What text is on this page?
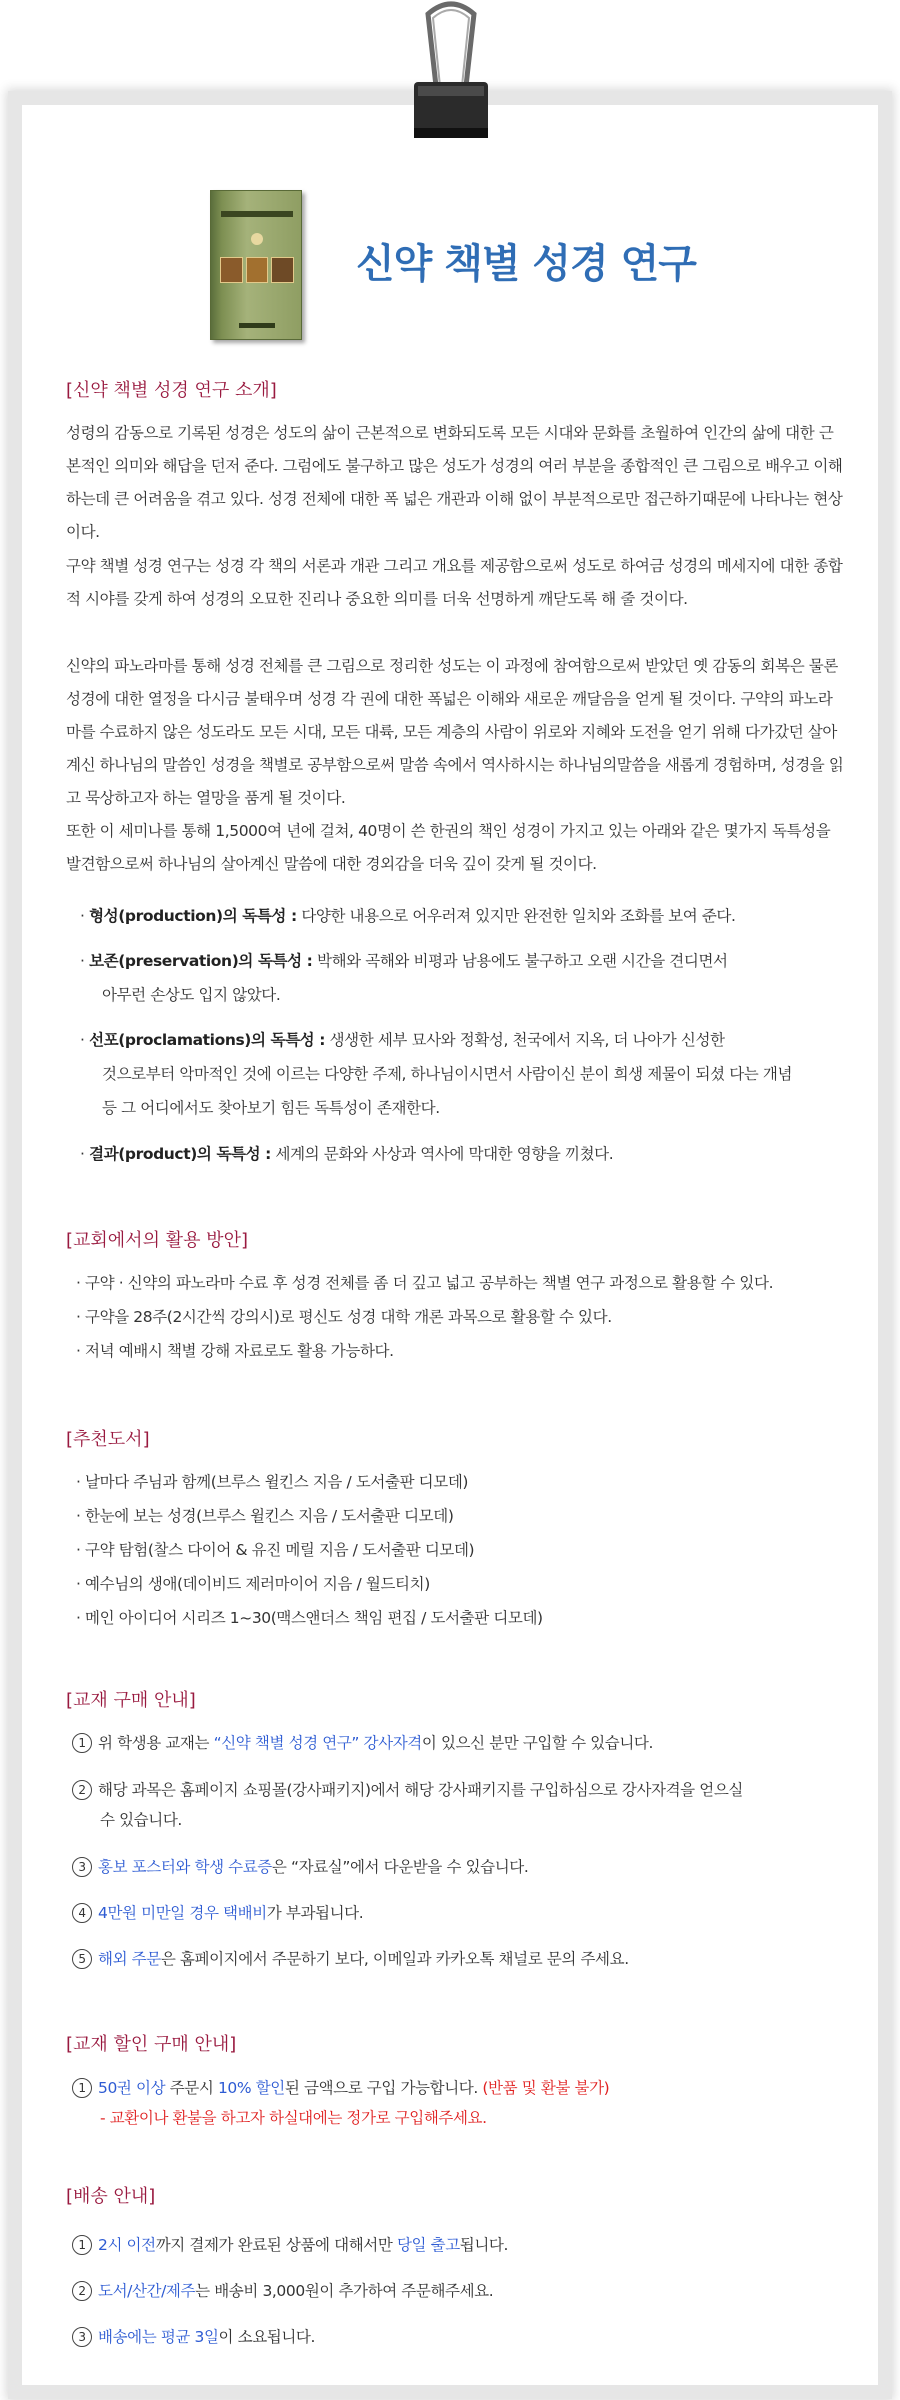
신약 책별 성경 연구
[신약 책별 성경 연구 소개]
성령의 감동으로 기록된 성경은 성도의 삶이 근본적으로 변화되도록 모든 시대와 문화를 초월하여 인간의 삶에 대한 근본적인 의미와 해답을 던저 준다. 그럼에도 불구하고 많은 성도가 성경의 여러 부분을 종합적인 큰 그림으로 배우고 이해하는데 큰 어려움을 겪고 있다. 성경 전체에 대한 폭 넓은 개관과 이해 없이 부분적으로만 접근하기때문에 나타나는 현상이다.
구약 책별 성경 연구는 성경 각 책의 서론과 개관 그리고 개요를 제공함으로써 성도로 하여금 성경의 메세지에 대한 종합적 시야를 갖게 하여 성경의 오묘한 진리나 중요한 의미를 더욱 선명하게 깨닫도록 해 줄 것이다.
신약의 파노라마를 통해 성경 전체를 큰 그림으로 정리한 성도는 이 과정에 참여함으로써 받았던 옛 감동의 회복은 물론 성경에 대한 열정을 다시금 불태우며 성경 각 권에 대한 폭넓은 이해와 새로운 깨달음을 얻게 될 것이다. 구약의 파노라마를 수료하지 않은 성도라도 모든 시대, 모든 대륙, 모든 계층의 사람이 위로와 지혜와 도전을 얻기 위해 다가갔던 살아계신 하나님의 말씀인 성경을 책별로 공부함으로써 말씀 속에서 역사하시는 하나님의말씀을 새롭게 경험하며, 성경을 읽고 묵상하고자 하는 열망을 품게 될 것이다.
또한 이 세미나를 통해 1,5000여 년에 걸쳐, 40명이 쓴 한권의 책인 성경이 가지고 있는 아래와 같은 몇가지 독특성을 발견함으로써 하나님의 살아계신 말씀에 대한 경외감을 더욱 깊이 갖게 될 것이다.
· 형성(production)의 독특성 : 다양한 내용으로 어우러져 있지만 완전한 일치와 조화를 보여 준다.
· 보존(preservation)의 독특성 : 박해와 곡해와 비평과 남용에도 불구하고 오랜 시간을 견디면서
아무런 손상도 입지 않았다.
· 선포(proclamations)의 독특성 : 생생한 세부 묘사와 정확성, 천국에서 지옥, 더 나아가 신성한
것으로부터 악마적인 것에 이르는 다양한 주제, 하나님이시면서 사람이신 분이 희생 제물이 되셨 다는 개념 등 그 어디에서도 찾아보기 힘든 독특성이 존재한다.
· 결과(product)의 독특성 : 세계의 문화와 사상과 역사에 막대한 영향을 끼쳤다.
[교회에서의 활용 방안]
· 구약 · 신약의 파노라마 수료 후 성경 전체를 좀 더 깊고 넓고 공부하는 책별 연구 과정으로 활용할 수 있다.
· 구약을 28주(2시간씩 강의시)로 평신도 성경 대학 개론 과목으로 활용할 수 있다.
· 저녁 예배시 책별 강해 자료로도 활용 가능하다.
[추천도서]
· 날마다 주님과 함께(브루스 윌킨스 지음 / 도서출판 디모데)
· 한눈에 보는 성경(브루스 윌킨스 지음 / 도서출판 디모데)
· 구약 탐험(찰스 다이어 & 유진 메릴 지음 / 도서출판 디모데)
· 예수님의 생애(데이비드 제러마이어 지음 / 월드티치)
· 메인 아이디어 시리즈 1~30(맥스앤더스 책임 편집 / 도서출판 디모데)
[교재 구매 안내]
1 위 학생용 교재는 “신약 책별 성경 연구” 강사자격이 있으신 분만 구입할 수 있습니다.
2 해당 과목은 홈페이지 쇼핑몰(강사패키지)에서 해당 강사패키지를 구입하심으로 강사자격을 얻으실
수 있습니다.
3 홍보 포스터와 학생 수료증은 “자료실”에서 다운받을 수 있습니다.
4 4만원 미만일 경우 택배비가 부과됩니다.
5 해외 주문은 홈페이지에서 주문하기 보다, 이메일과 카카오톡 채널로 문의 주세요.
[교재 할인 구매 안내]
1 50권 이상 주문시 10% 할인된 금액으로 구입 가능합니다. (반품 및 환불 불가)
- 교환이나 환불을 하고자 하실대에는 정가로 구입해주세요.
[배송 안내]
1 2시 이전까지 결제가 완료된 상품에 대해서만 당일 출고됩니다.
2 도서/산간/제주는 배송비 3,000원이 추가하여 주문해주세요.
3 배송에는 평균 3일이 소요됩니다.
